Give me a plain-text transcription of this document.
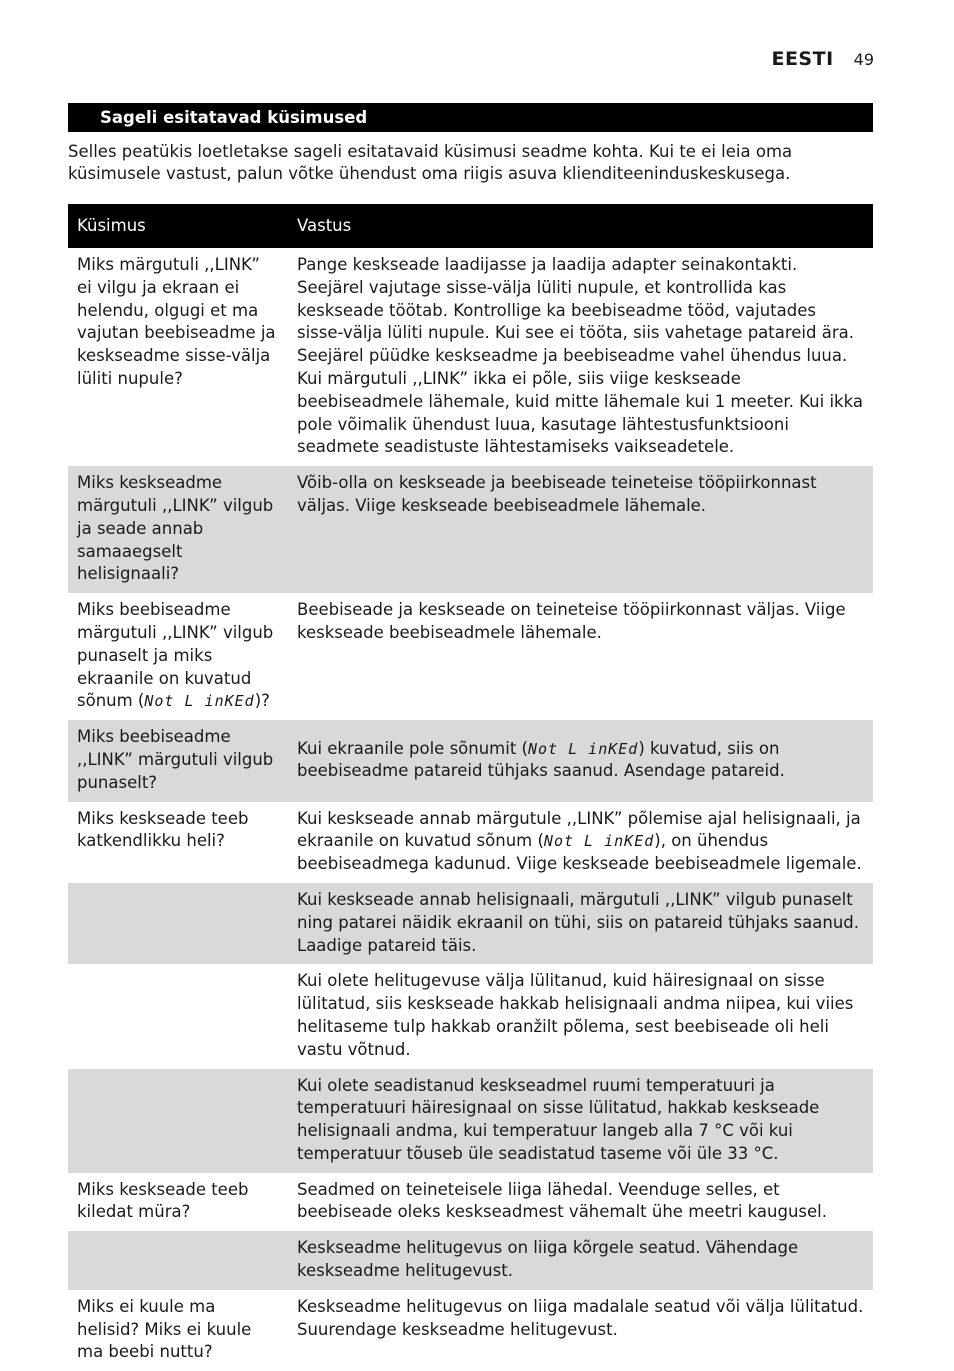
EESTI 49
Sageli esitatavad küsimused
Selles peatükis loetletakse sageli esitatavaid küsimusi seadme kohta. Kui te ei leia oma küsimusele vastust, palun võtke ühendust oma riigis asuva klienditeeninduskeskusega.
Küsimus	Vastus
Miks märgutuli ,,LINK” ei vilgu ja ekraan ei helendu, olgugi et ma vajutan beebiseadme ja keskseadme sisse-välja lüliti nupule?	Pange keskseade laadijasse ja laadija adapter seinakontakti. Seejärel vajutage sisse-välja lüliti nupule, et kontrollida kas keskseade töötab. Kontrollige ka beebiseadme tööd, vajutades sisse-välja lüliti nupule. Kui see ei tööta, siis vahetage patareid ära. Seejärel püüdke keskseadme ja beebiseadme vahel ühendus luua. Kui märgutuli ,,LINK” ikka ei põle, siis viige keskseade beebiseadmele lähemale, kuid mitte lähemale kui 1 meeter. Kui ikka pole võimalik ühendust luua, kasutage lähtestusfunktsiooni seadmete seadistuste lähtestamiseks vaikseadetele.
Miks keskseadme märgutuli ,,LINK” vilgub ja seade annab samaaegselt helisignaali?	Võib-olla on keskseade ja beebiseade teineteise tööpiirkonnast väljas. Viige keskseade beebiseadmele lähemale.
Miks beebiseadme märgutuli ,,LINK” vilgub punaselt ja miks ekraanile on kuvatud sõnum (Not L inKEd)?	Beebiseade ja keskseade on teineteise tööpiirkonnast väljas. Viige keskseade beebiseadmele lähemale.
Miks beebiseadme ,,LINK” märgutuli vilgub punaselt?	Kui ekraanile pole sõnumit (Not L inKEd) kuvatud, siis on beebiseadme patareid tühjaks saanud. Asendage patareid.
Miks keskseade teeb katkendlikku heli?	Kui keskseade annab märgutule ,,LINK” põlemise ajal helisignaali, ja ekraanile on kuvatud sõnum (Not L inKEd), on ühendus beebiseadmega kadunud. Viige keskseade beebiseadmele ligemale.
	Kui keskseade annab helisignaali, märgutuli ,,LINK” vilgub punaselt ning patarei näidik ekraanil on tühi, siis on patareid tühjaks saanud. Laadige patareid täis.
	Kui olete helitugevuse välja lülitanud, kuid häiresignaal on sisse lülitatud, siis keskseade hakkab helisignaali andma niipea, kui viies helitaseme tulp hakkab oranžilt põlema, sest beebiseade oli heli vastu võtnud.
	Kui olete seadistanud keskseadmel ruumi temperatuuri ja temperatuuri häiresignaal on sisse lülitatud, hakkab keskseade helisignaali andma, kui temperatuur langeb alla 7 °C või kui temperatuur tõuseb üle seadistatud taseme või üle 33 °C.
Miks keskseade teeb kiledat müra?	Seadmed on teineteisele liiga lähedal. Veenduge selles, et beebiseade oleks keskseadmest vähemalt ühe meetri kaugusel.
	Keskseadme helitugevus on liiga kõrgele seatud. Vähendage keskseadme helitugevust.
Miks ei kuule ma helisid? Miks ei kuule ma beebi nuttu?	Keskseadme helitugevus on liiga madalale seatud või välja lülitatud. Suurendage keskseadme helitugevust.
